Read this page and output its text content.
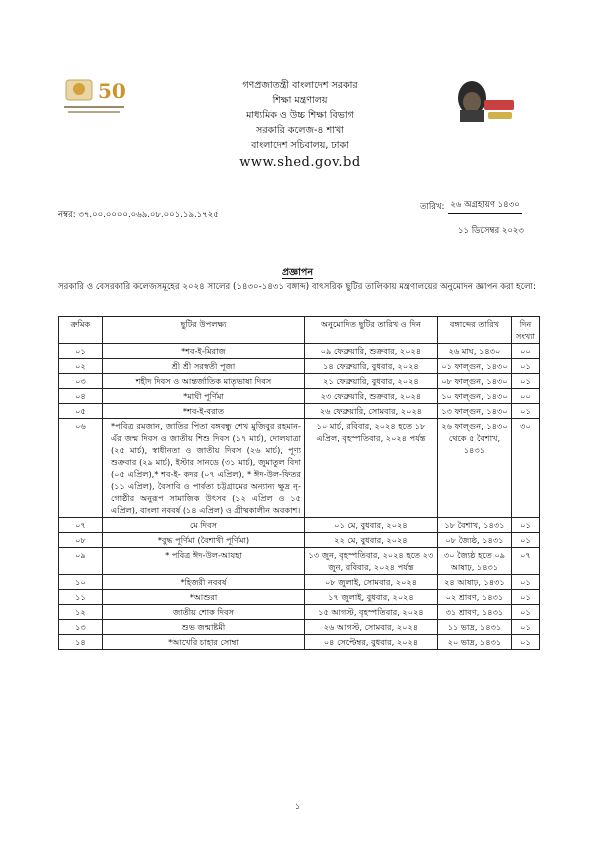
50	গণপ্রজাতন্ত্রী বাংলাদেশ সরকার
শিক্ষা মন্ত্রণালয়
মাধ্যমিক ও উচ্চ শিক্ষা বিভাগ
সরকারি কলেজ-৪ শাখা
বাংলাদেশ সচিবালয়, ঢাকা
www.shed.gov.bd
নম্বর: ৩৭.০০.০০০০.০৬৯.০৮.০০১.১৯.১৭২৫
তারিখ: ২৬ অগ্রহায়ণ ১৪৩০
১১ ডিসেম্বর ২০২৩
প্রজ্ঞাপন
সরকারি ও বেসরকারি কলেজসমূহের ২০২৪ সালের (১৪৩০-১৪৩১ বঙ্গাব্দ) বাৎসরিক ছুটির তালিকায় মন্ত্রণালয়ের অনুমোদন জ্ঞাপন করা হলো:
ক্রমিক	ছুটির উপলক্ষ্য	অনুমোদিত ছুটির তারিখ ও দিন	বঙ্গাব্দের তারিখ	দিন সংখ্যা
০১	*শব-ই-মিরাজ	০৯ ফেব্রুয়ারি, শুক্রবার, ২০২৪	২৬ মাঘ, ১৪৩০	০০
০২	শ্রী শ্রী সরস্বতী পূজা	১৪ ফেব্রুয়ারি, বুধবার, ২০২৪	০১ ফাল্গুন, ১৪৩০	০১
০৩	শহীদ দিবস ও আন্তর্জাতিক মাতৃভাষা দিবস	২১ ফেব্রুয়ারি, বুধবার, ২০২৪	০৮ ফাল্গুন, ১৪৩০	০১
০৪	*মাঘী পূর্ণিমা	২৩ ফেব্রুয়ারি, শুক্রবার, ২০২৪	১০ ফাল্গুন, ১৪৩০	০০
০৫	*শব-ই-বরাত	২৬ ফেব্রুয়ারি, সোমবার, ২০২৪	১৩ ফাল্গুন, ১৪৩০	০১
০৬	*পবিত্র রমজান, জাতির পিতা বঙ্গবন্ধু শেখ মুজিবুর রহমান-এঁর জন্ম দিবস ও জাতীয় শিশু দিবস (১৭ মার্চ), দোলযাত্রা (২৫ মার্চ), স্বাধীনতা ও জাতীয় দিবস (২৬ মার্চ), পূণ্য শুক্রবার (২৯ মার্চ), ইস্টার সানডে (৩১ মার্চ), জুমাতুল বিদা (০৫ এপ্রিল),* শব-ই- কদর (০৭ এপ্রিল), * ঈদ-উল-ফিতর (১১ এপ্রিল), বৈসাবি ও পার্বত্য চট্টগ্রামের অন্যান্য ক্ষুদ্র নৃ-গোষ্ঠীর অনুরূপ সামাজিক উৎসব (১২ এপ্রিল ও ১৫ এপ্রিল), বাংলা নববর্ষ (১৪ এপ্রিল) ও গ্রীষ্মকালীন অবকাশ।	১০ মার্চ, রবিবার, ২০২৪ হতে ১৮ এপ্রিল, বৃহস্পতিবার, ২০২৪ পর্যন্ত	২৬ ফাল্গুন, ১৪৩০ থেকে ৫ বৈশাখ, ১৪৩১	৩০
০৭	মে দিবস	০১ মে, বুধবার, ২০২৪	১৮ বৈশাখ, ১৪৩১	০১
০৮	*বুদ্ধ পূর্ণিমা (বৈশাখী পূর্ণিমা)	২২ মে, বুধবার, ২০২৪	০৮ জ্যৈষ্ঠ, ১৪৩১	০১
০৯	* পবিত্র ঈদ-উল-আযহা	১৩ জুন, বৃহস্পতিবার, ২০২৪ হতে ২৩ জুন, রবিবার, ২০২৪ পর্যন্ত	৩০ জ্যৈষ্ঠ হতে ০৯ আষাঢ়, ১৪৩১	০৭
১০	*হিজরী নববর্ষ	০৮ জুলাই, সোমবার, ২০২৪	২৪ আষাঢ়, ১৪৩১	০১
১১	*আশুরা	১৭ জুলাই, বুধবার, ২০২৪	০২ শ্রাবণ, ১৪৩১	০১
১২	জাতীয় শোক দিবস	১৫ আগস্ট, বৃহস্পতিবার, ২০২৪	৩১ শ্রাবণ, ১৪৩১	০১
১৩	শুভ জন্মাষ্টমী	২৬ আগস্ট, সোমবার, ২০২৪	১১ ভাদ্র, ১৪৩১	০১
১৪	*আখেরি চাহার সোম্বা	০৪ সেপ্টেম্বর, বুধবার, ২০২৪	২০ ভাদ্র, ১৪৩১	০১
১
